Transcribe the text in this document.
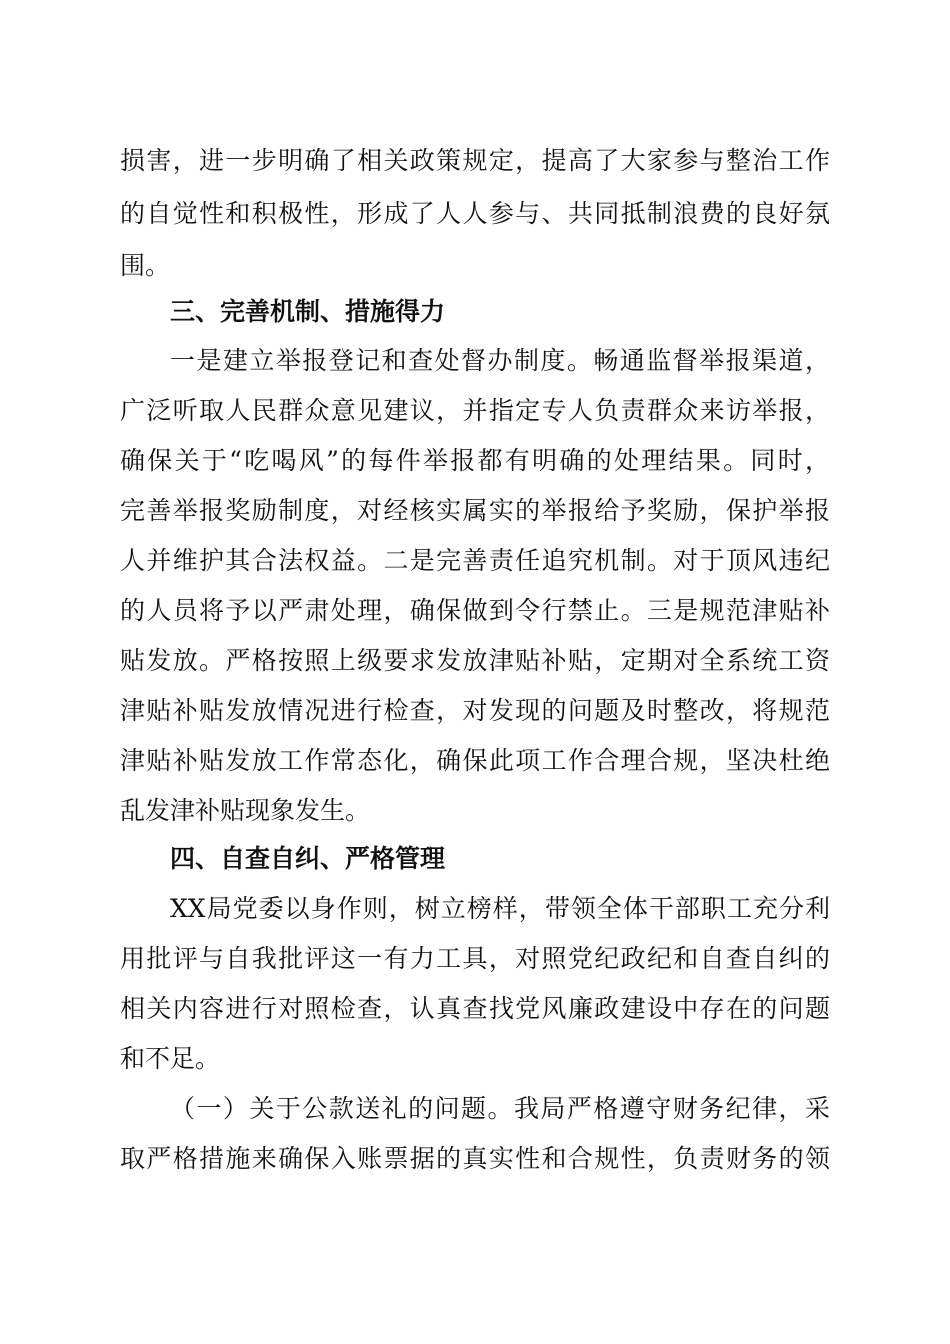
损害，进一步明确了相关政策规定，提高了大家参与整治工作
的自觉性和积极性，形成了人人参与、共同抵制浪费的良好氛
围。
三、完善机制、措施得力
一是建立举报登记和查处督办制度。畅通监督举报渠道，
广泛听取人民群众意见建议，并指定专人负责群众来访举报，
确保关于“吃喝风”的每件举报都有明确的处理结果。同时，
完善举报奖励制度，对经核实属实的举报给予奖励，保护举报
人并维护其合法权益。二是完善责任追究机制。对于顶风违纪
的人员将予以严肃处理，确保做到令行禁止。三是规范津贴补
贴发放。严格按照上级要求发放津贴补贴，定期对全系统工资
津贴补贴发放情况进行检查，对发现的问题及时整改，将规范
津贴补贴发放工作常态化，确保此项工作合理合规，坚决杜绝
乱发津补贴现象发生。
四、自查自纠、严格管理
XX局党委以身作则，树立榜样，带领全体干部职工充分利
用批评与自我批评这一有力工具，对照党纪政纪和自查自纠的
相关内容进行对照检查，认真查找党风廉政建设中存在的问题
和不足。
（一）关于公款送礼的问题。我局严格遵守财务纪律，采
取严格措施来确保入账票据的真实性和合规性，负责财务的领
